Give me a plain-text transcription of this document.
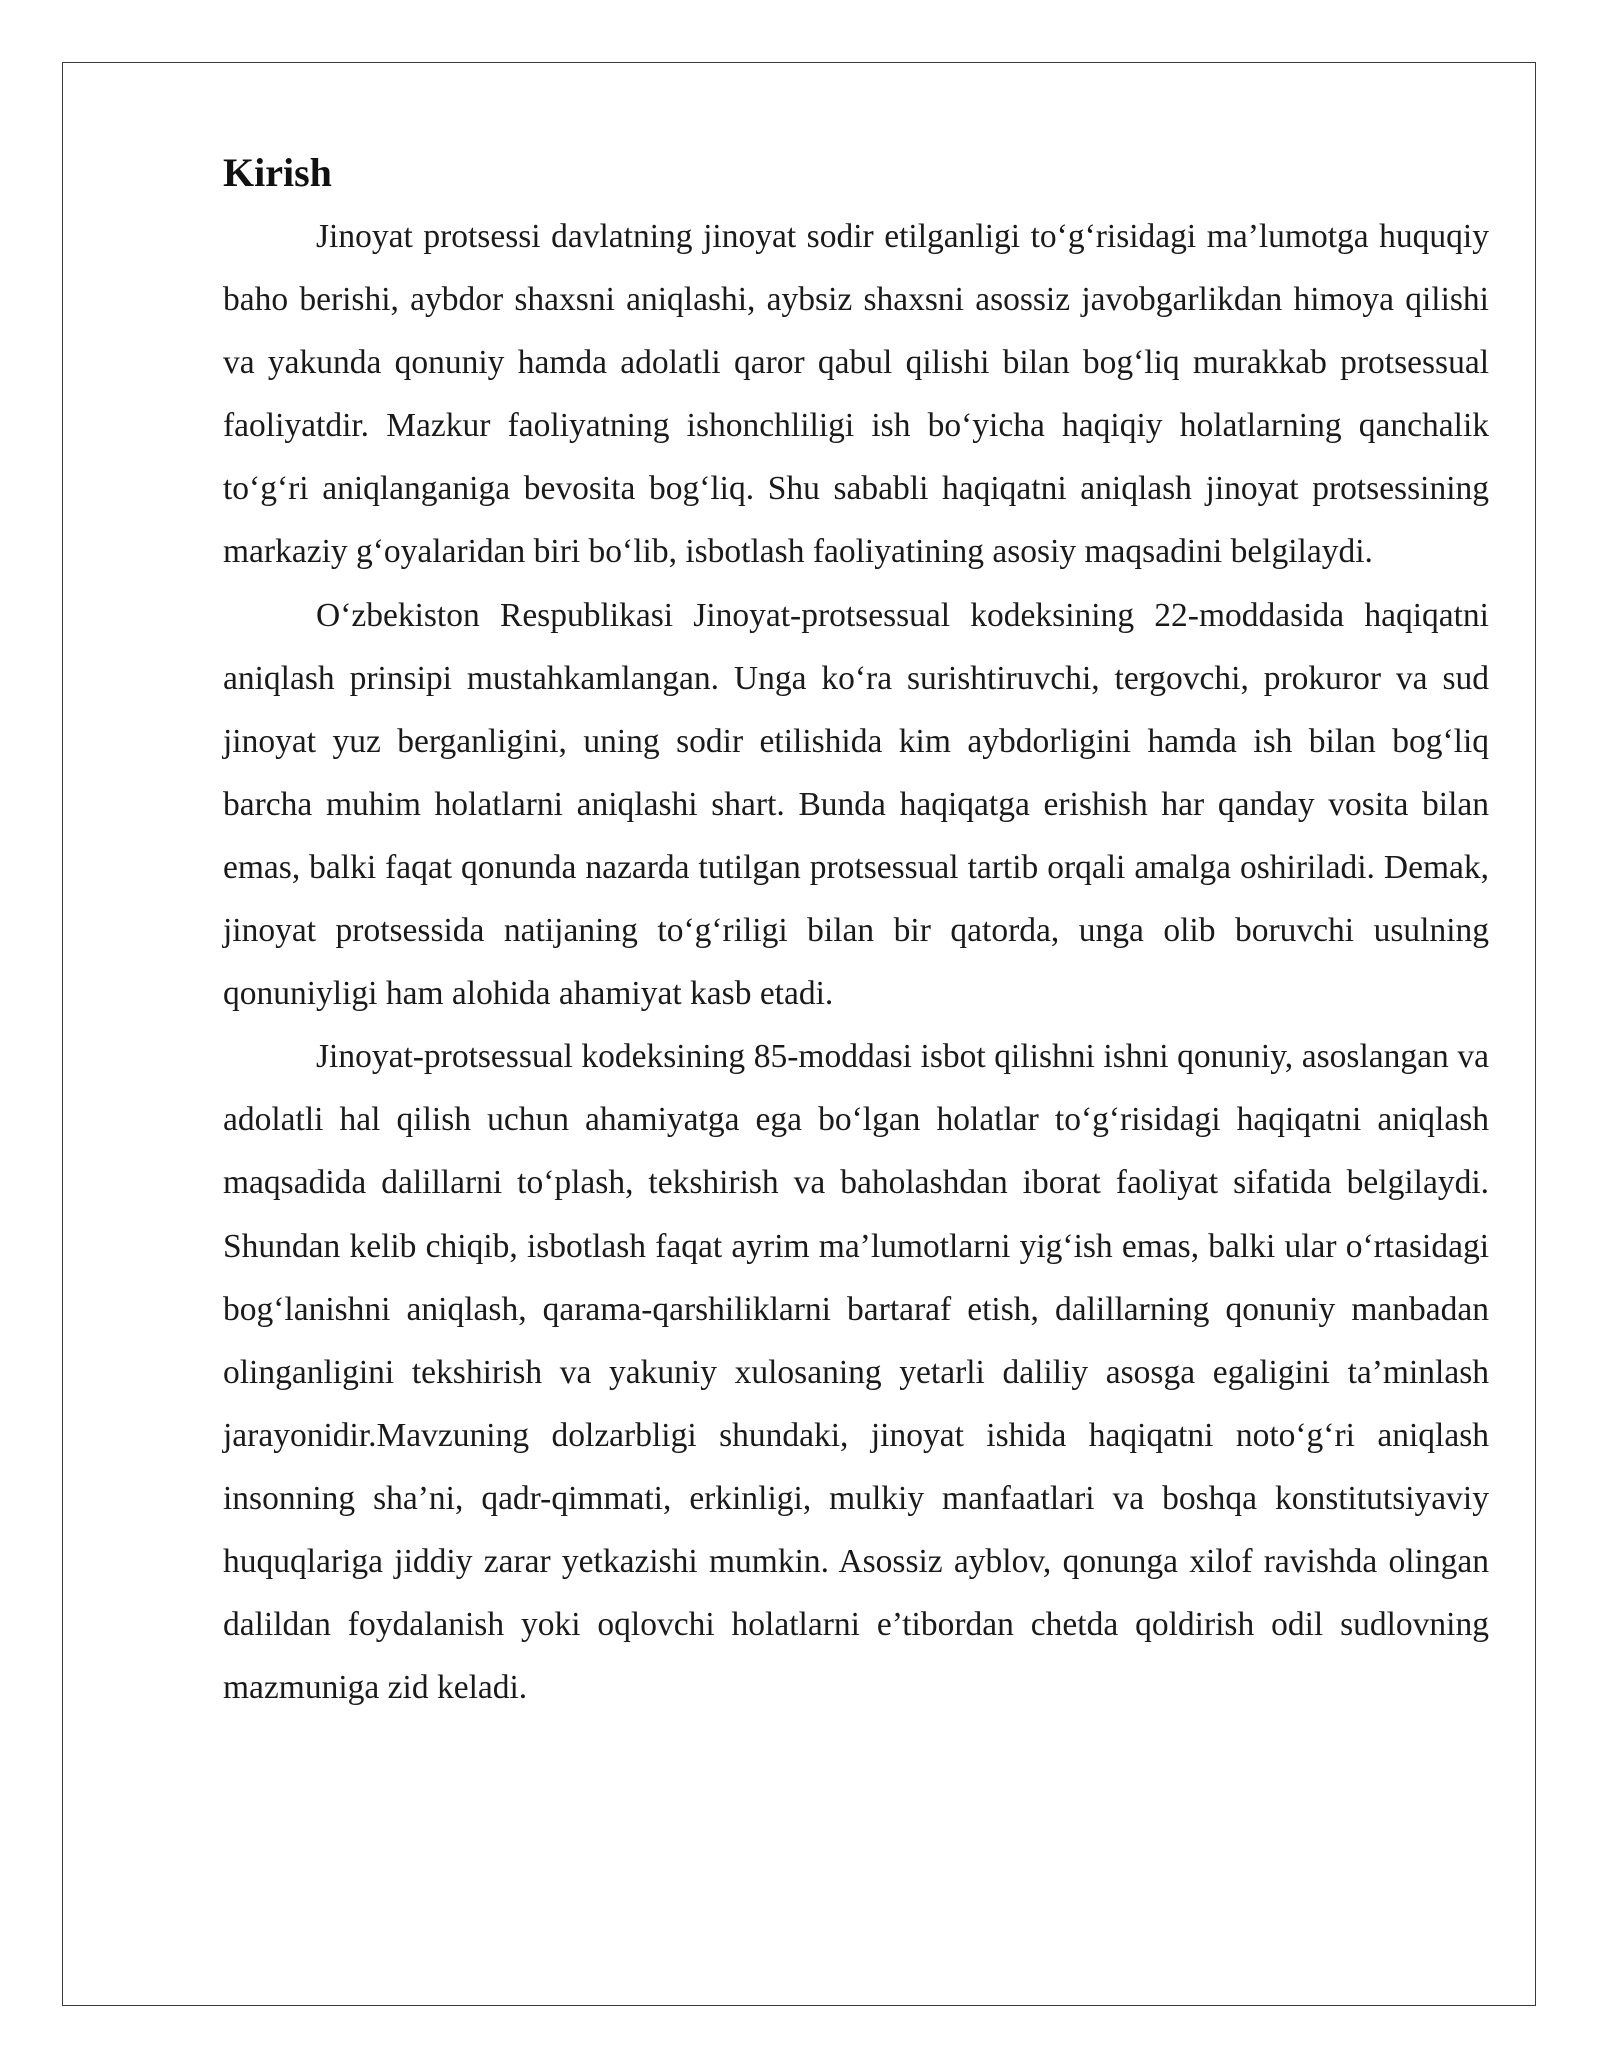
Kirish

Jinoyat protsessi davlatning jinoyat sodir etilganligi to‘g‘risidagi ma’lumotga huquqiy baho berishi, aybdor shaxsni aniqlashi, aybsiz shaxsni asossiz javobgarlikdan himoya qilishi va yakunda qonuniy hamda adolatli qaror qabul qilishi bilan bog‘liq murakkab protsessual faoliyatdir. Mazkur faoliyatning ishonchliligi ish bo‘yicha haqiqiy holatlarning qanchalik to‘g‘ri aniqlanganiga bevosita bog‘liq. Shu sababli haqiqatni aniqlash jinoyat protsessining markaziy g‘oyalaridan biri bo‘lib, isbotlash faoliyatining asosiy maqsadini belgilaydi.

O‘zbekiston Respublikasi Jinoyat-protsessual kodeksining 22-moddasida haqiqatni aniqlash prinsipi mustahkamlangan. Unga ko‘ra surishtiruvchi, tergovchi, prokuror va sud jinoyat yuz berganligini, uning sodir etilishida kim aybdorligini hamda ish bilan bog‘liq barcha muhim holatlarni aniqlashi shart. Bunda haqiqatga erishish har qanday vosita bilan emas, balki faqat qonunda nazarda tutilgan protsessual tartib orqali amalga oshiriladi. Demak, jinoyat protsessida natijaning to‘g‘riligi bilan bir qatorda, unga olib boruvchi usulning qonuniyligi ham alohida ahamiyat kasb etadi.

Jinoyat-protsessual kodeksining 85-moddasi isbot qilishni ishni qonuniy, asoslangan va adolatli hal qilish uchun ahamiyatga ega bo‘lgan holatlar to‘g‘risidagi haqiqatni aniqlash maqsadida dalillarni to‘plash, tekshirish va baholashdan iborat faoliyat sifatida belgilaydi. Shundan kelib chiqib, isbotlash faqat ayrim ma’lumotlarni yig‘ish emas, balki ular o‘rtasidagi bog‘lanishni aniqlash, qarama-qarshiliklarni bartaraf etish, dalillarning qonuniy manbadan olinganligini tekshirish va yakuniy xulosaning yetarli daliliy asosga egaligini ta’minlash jarayonidir.Mavzuning dolzarbligi shundaki, jinoyat ishida haqiqatni noto‘g‘ri aniqlash insonning sha’ni, qadr-qimmati, erkinligi, mulkiy manfaatlari va boshqa konstitutsiyaviy huquqlariga jiddiy zarar yetkazishi mumkin. Asossiz ayblov, qonunga xilof ravishda olingan dalildan foydalanish yoki oqlovchi holatlarni e’tibordan chetda qoldirish odil sudlovning mazmuniga zid keladi.
